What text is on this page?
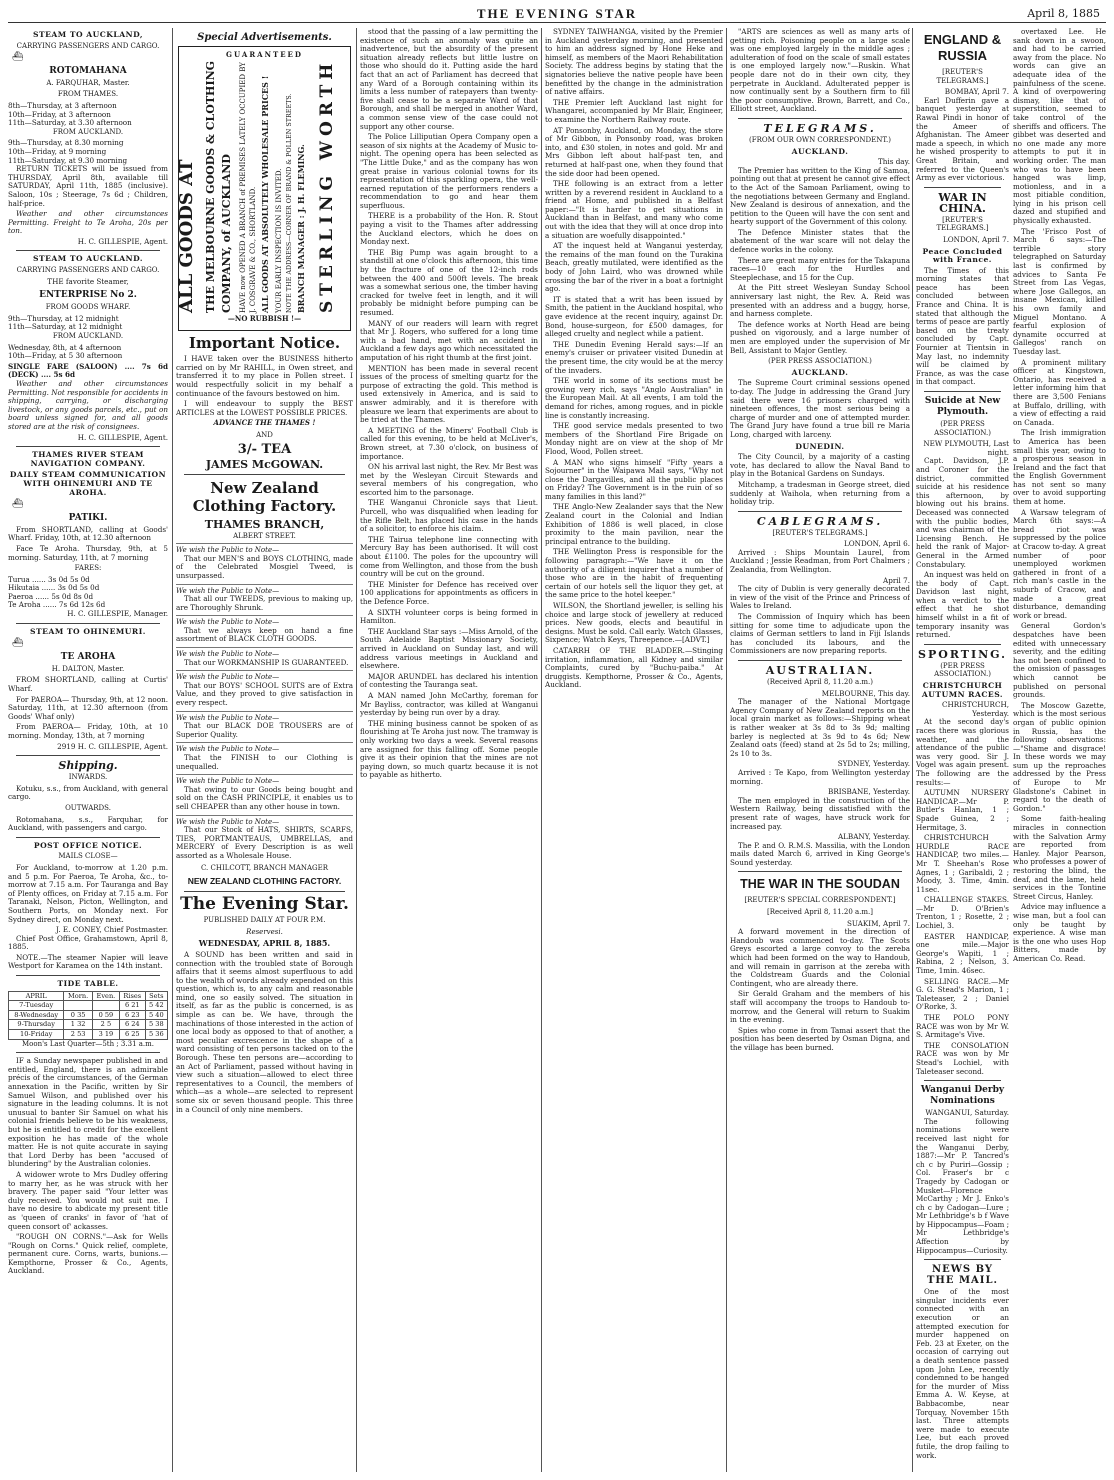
THE EVENING STAR	April 8, 1885
STEAM TO AUCKLAND,
CARRYING PASSENGERS AND CARGO.
⛴
ROTOMAHANA
A. FARQUHAR, Master.
FROM THAMES.
8th—Thursday, at 3 afternoon
10th—Friday, at 3 afternoon
11th—Saturday, at 3.30 afternoon
FROM AUCKLAND.
9th—Thursday, at 8.30 morning
10th—Friday, at 9 morning
11th—Saturday, at 9.30 morning

RETURN TICKETS will be issued from THURSDAY, April 8th, available till SATURDAY, April 11th, 1885 (inclusive). Saloon, 10s ; Steerage, 7s 6d ; Children, half-price.

Weather and other circumstances Permitting. Freight to Te Aroha, 20s per ton.

H. C. GILLESPIE, Agent.
STEAM TO AUCKLAND.
CARRYING PASSENGERS AND CARGO.
THE favorite Steamer,
ENTERPRISE No 2.
FROM GOODS WHARF.
9th—Thursday, at 12 midnight
11th—Saturday, at 12 midnight
FROM AUCKLAND.
Wednesday, 8th, at 4 afternoon
10th—Friday, at 5 30 afternoon
SINGLE FARE (SALOON) .... 7s 6d (DECK) .... 5s 6d

Weather and other circumstances Permitting. Not responsible for accidents in shipping, carrying, or discharging livestock, or any goods parcels, etc., put on board unless signed for, and all goods stored are at the risk of consignees.

H. C. GILLESPIE, Agent.
THAMES RIVER STEAM NAVIGATION COMPANY.
DAILY STEAM COMMUNICATION WITH OHINEMURI AND TE AROHA.
⛴
PATIKI.

From SHORTLAND, calling at Goods' Wharf. Friday, 10th, at 12.30 afternoon

Face Te Aroha. Thursday, 9th, at 5 morning. Saturday, 11th, at 7 morning

FARES:
Turua ...... 3s 0d 5s 0d
Hikutaia ...... 3s 0d 5s 0d
Paeroa ...... 5s 0d 8s 0d
Te Aroha ...... 7s 6d 12s 6d
H. C. GILLESPIE, Manager.
STEAM TO OHINEMURI.
⛴
TE AROHA
H. DALTON, Master.

FROM SHORTLAND, calling at Curtis' Wharf.

For PAEROA— Thursday, 9th, at 12 noon. Saturday, 11th, at 12.30 afternoon (from Goods' Whaf only)

From PAEROA— Friday, 10th, at 10 morning. Monday, 13th, at 7 morning

2919 H. C. GILLESPIE, Agent.
Shipping.
INWARDS.

Kotuku, s.s., from Auckland, with general cargo.

OUTWARDS.

Rotomahana, s.s., Farquhar, for Auckland, with passengers and cargo.

POST OFFICE NOTICE.
MAILS CLOSE—

For Auckland, to-morrow at 1.20 p.m. and 5 p.m. For Paeroa, Te Aroha, &c., to-morrow at 7.15 a.m. For Tauranga and Bay of Plenty offices, on Friday at 7.15 a.m. For Taranaki, Nelson, Picton, Wellington, and Southern Ports, on Monday next. For Sydney direct, on Monday next.

J. E. CONEY, Chief Postmaster.

Chief Post Office, Grahamstown, April 8, 1885.

NOTE.—The steamer Napier will leave Westport for Karamea on the 14th instant.

TIDE TABLE.
APRIL	Morn.	Even.	Rises	Sets
7-Tuesday			6 21	5 42
8-Wednesday	0 35	0 59	6 23	5 40
9-Thursday	1 32	2 5	6 24	5 38
10-Friday	2 53	3 19	6 25	5 36
Moon's Last Quarter—5th ; 3.31 a.m.

IF a Sunday newspaper published in and entitled, England, there is an admirable précis of the circumstances, of the German annexation in the Pacific, written by Sir Samuel Wilson, and published over his signature in the leading columns. It is not unusual to banter Sir Samuel on what his colonial friends believe to be his weakness, but he is entitled to credit for the excellent exposition he has made of the whole matter. He is not quite accurate in saying that Lord Derby has been "accused of blundering" by the Australian colonies.

A widower wrote to Mrs Dudley offering to marry her, as he was struck with her bravery. The paper said "Your letter was duly received. You would not suit me. I have no desire to abdicate my present title as 'queen of cranks' in favor of 'hat of queen consort of' ackasses.

"ROUGH ON CORNS."—Ask for Wells "Rough on Corns." Quick relief, complete, permanent cure. Corns, warts, bunions.—Kempthorne, Prosser & Co., Agents, Auckland.

Special Advertisements.
GUARANTEED
ALL GOODS AT THE MELBOURNE GOODS & CLOTHING COMPANY, of AUCKLAND HAVE now OPENED A BRANCH of PREMISES LATELY OCCUPIED BY J. COSGRAVE & CO., SHORTLAND. ALL GOODS AT ABSOLUTELY WHOLESALE PRICES ! YOUR EARLY INSPECTION IS INVITED. NOTE THE ADDRESS—CORNER OF BRAND & POLLEN STREETS. BRANCH MANAGER : J. H. FLEMING. STERLING WORTH
—NO RUBBISH !—
Important Notice.

I HAVE taken over the BUSINESS hitherto carried on by Mr RAHILL, in Owen street, and transferred it to my place in Pollen street. I would respectfully solicit in my behalf a continuance of the favours bestowed on him.

I will endeavour to supply the BEST ARTICLES at the LOWEST POSSIBLE PRICES.

ADVANCE THE THAMES !
AND
3/- TEA
JAMES McGOWAN.
New Zealand Clothing Factory.
THAMES BRANCH,
ALBERT STREET.
We wish the Public to Note—

That our MEN'S and BOYS CLOTHING, made of the Celebrated Mosgiel Tweed, is unsurpassed.

We wish the Public to Note—

That all our TWEEDS, previous to making up, are Thoroughly Shrunk.

We wish the Public to Note—

That we always keep on hand a fine assortment of BLACK CLOTH GOODS.

We wish the Public to Note—

That our WORKMANSHIP IS GUARANTEED.

We wish the Public to Note—

That our BOYS' SCHOOL SUITS are of Extra Value, and they proved to give satisfaction in every respect.

We wish the Public to Note—

That our BLACK DOE TROUSERS are of Superior Quality.

We wish the Public to Note—

That the FINISH to our Clothing is unequalled.

We wish the Public to Note—

That owing to our Goods being bought and sold on the CASH PRINCIPLE, it enables us to sell CHEAPER than any other house in town.

We wish the Public to Note—

That our Stock of HATS, SHIRTS, SCARFS, TIES, PORTMANTEAUS, UMBRELLAS, and MERCERY of Every Description is as well assorted as a Wholesale House.

C. CHILCOTT, BRANCH MANAGER
NEW ZEALAND CLOTHING FACTORY.
The Evening Star.
PUBLISHED DAILY AT FOUR P.M.
Reservesi.
WEDNESDAY, APRIL 8, 1885.

A SOUND has been written and said in connection with the troubled state of Borough affairs that it seems almost superfluous to add to the wealth of words already expended on this question, which is, to any calm and reasonable mind, one so easily solved. The situation in itself, as far as the public is concerned, is as simple as can be. We have, through the machinations of those interested in the action of one local body as opposed to that of another, a most peculiar excrescence in the shape of a ward consisting of ten persons tacked on to the Borough. These ten persons are—according to an Act of Parliament, passed without having in view such a situation—allowed to elect three representatives to a Council, the members of which—as a whole—are selected to represent some six or seven thousand people. This three in a Council of only nine members.

stood that the passing of a law permitting the existence of such an anomaly was quite an inadvertence, but the absurdity of the present situation already reflects but little lustre on those who should do it. Putting aside the hard fact that an act of Parliament has decreed that any Ward of a Borough containing within its limits a less number of ratepayers than twenty-five shall cease to be a separate Ward of that Borough, and shall be merged in another Ward, a common sense view of the case could not support any other course.

The Police Lilliputian Opera Company open a season of six nights at the Academy of Music to-night. The opening opera has been selected as "The Little Duke," and as the company has won great praise in various colonial towns for its representation of this sparkling opera, the well-earned reputation of the performers renders a recommendation to go and hear them superfluous.

THERE is a probability of the Hon. R. Stout paying a visit to the Thames after addressing the Auckland electors, which he does on Monday next.

THE Big Pump was again brought to a standstill at one o'clock this afternoon, this time by the fracture of one of the 12-inch rods between the 400 and 500ft levels. The break was a somewhat serious one, the timber having cracked for twelve feet in length, and it will probably be midnight before pumping can be resumed.

MANY of our readers will learn with regret that Mr J. Rogers, who suffered for a long time with a bad hand, met with an accident in Auckland a few days ago which necessitated the amputation of his right thumb at the first joint.

MENTION has been made in several recent issues of the process of smelting quartz for the purpose of extracting the gold. This method is used extensively in America, and is said to answer admirably, and it is therefore with pleasure we learn that experiments are about to be tried at the Thames.

A MEETING of the Miners' Football Club is called for this evening, to be held at McLiver's, Brown street, at 7.30 o'clock, on business of importance.

ON his arrival last night, the Rev. Mr Best was met by the Wesleyan Circuit Stewards and several members of his congregation, who escorted him to the parsonage.

THE Wanganui Chronicle says that Lieut. Purcell, who was disqualified when leading for the Rifle Belt, has placed his case in the hands of a solicitor, to enforce his claim.

THE Tairua telephone line connecting with Mercury Bay has been authorised. It will cost about £1100. The poles for the upcountry will come from Wellington, and those from the bush country will be cut on the ground.

THE Minister for Defence has received over 100 applications for appointments as officers in the Defence Force.

A SIXTH volunteer corps is being formed in Hamilton.

THE Auckland Star says :—Miss Arnold, of the South Adelaide Baptist Missionary Society, arrived in Auckland on Sunday last, and will address various meetings in Auckland and elsewhere.

MAJOR ARUNDEL has declared his intention of contesting the Tauranga seat.

A MAN named John McCarthy, foreman for Mr Bayliss, contractor, was killed at Wanganui yesterday by being run over by a dray.

THE mining business cannot be spoken of as flourishing at Te Aroha just now. The tramway is only working two days a week. Several reasons are assigned for this falling off. Some people give it as their opinion that the mines are not paying down, so much quartz because it is not to payable as hitherto.

SYDNEY TAIWHANGA, visited by the Premier in Auckland yesterday morning, and presented to him an address signed by Hone Heke and himself, as members of the Maori Rehabilitation Society. The address begins by stating that the signatories believe the native people have been benefitted by the change in the administration of native affairs.

THE Premier left Auckland last night for Whangarei, accompanied by Mr Blair, Engineer, to examine the Northern Railway route.

AT Ponsonby, Auckland, on Monday, the store of Mr Gibbon, in Ponsonby road, was broken into, and £30 stolen, in notes and gold. Mr and Mrs Gibbon left about half-past ten, and returned at half-past one, when they found that the side door had been opened.

THE following is an extract from a letter written by a reverend resident in Auckland to a friend at Home, and published in a Belfast paper:—"It is harder to get situations in Auckland than in Belfast, and many who come out with the idea that they will at once drop into a situation are woefully disappointed."

AT the inquest held at Wanganui yesterday, the remains of the man found on the Turakina Beach, greatly mutilated, were identified as the body of John Laird, who was drowned while crossing the bar of the river in a boat a fortnight ago.

IT is stated that a writ has been issued by Smith, the patient in the Auckland hospital, who gave evidence at the recent inquiry, against Dr. Bond, house-surgeon, for £500 damages, for alleged cruelty and neglect while a patient.

THE Dunedin Evening Herald says:—If an enemy's cruiser or privateer visited Dunedin at the present time, the city would be at the mercy of the invaders.

THE world in some of its sections must be growing very rich, says "Anglo Australian" in the European Mail. At all events, I am told the demand for riches, among rogues, and in pickle line is constantly increasing.

THE good service medals presented to two members of the Shortland Fire Brigade on Monday night are on view at the shop of Mr Flood, Wood, Pollen street.

A MAN who signs himself "Fifty years a Sojourner" in the Waipawa Mail says, "Why not close the Dargavilles, and all the public places on Friday? The Government is in the ruin of so many families in this land?"

THE Anglo-New Zealander says that the New Zealand court in the Colonial and Indian Exhibition of 1886 is well placed, in close proximity to the main pavilion, near the principal entrance to the building.

THE Wellington Press is responsible for the following paragraph:—"We have it on the authority of a diligent inquirer that a number of those who are in the habit of frequenting certain of our hotels sell the liquor they get, at the same price to the hotel keeper."

WILSON, the Shortland jeweller, is selling his choice and large stock of jewellery at reduced prices. New goods, elects and beautiful in designs. Must be sold. Call early. Watch Glasses, Sixpence; Watch Keys, Threepence.—[ADVT.]

CATARRH OF THE BLADDER.—Stinging irritation, inflammation, all Kidney and similar Complaints, cured by "Buchu-paiba." At druggists. Kempthorne, Prosser & Co., Agents, Auckland.

"ARTS are sciences as well as many arts of getting rich. Poisoning people on a large scale was one employed largely in the middle ages ; adulteration of food on the scale of small estates is one employed largely now."—Ruskin. What people dare not do in their own city, they perpetrate in Auckland. Adulterated pepper is now continually sent by a Southern firm to fill the poor consumptive. Brown, Barrett, and Co., Elliott street, Auckland.

TELEGRAMS.
(FROM OUR OWN CORRESPONDENT.)
AUCKLAND.
This day.

The Premier has written to the King of Samoa, pointing out that at present he cannot give effect to the Act of the Samoan Parliament, owing to the negotiations between Germany and England. New Zealand is desirous of annexation, and the petition to the Queen will have the con sent and hearty support of the Government of this colony.

The Defence Minister states that the abatement of the war scare will not delay the defence works in the colony.

There are great many entries for the Takapuna races—10 each for the Hurdles and Steeplechase, and 15 for the Cup.

At the Pitt street Wesleyan Sunday School anniversary last night, the Rev. A. Reid was presented with an address and a buggy, horse, and harness complete.

The defence works at North Head are being pushed on vigorously, and a large number of men are employed under the supervision of Mr Bell, Assistant to Major Gentley.

(PER PRESS ASSOCIATION.)
AUCKLAND.

The Supreme Court criminal sessions opened to-day. The Judge in addressing the Grand Jury said there were 16 prisoners charged with nineteen offences, the most serious being a charge of murder and one of attempted murder. The Grand Jury have found a true bill re Maria Long, charged with larceny.

DUNEDIN.

The City Council, by a majority of a casting vote, has declared to allow the Naval Band to play in the Botanical Gardens on Sundays.

Mitchamp, a tradesman in George street, died suddenly at Waihola, when returning from a holiday trip.

CABLEGRAMS.
[REUTER'S TELEGRAMS.]
LONDON, April 6.

Arrived : Ships Mountain Laurel, from Auckland ; Jessie Readman, from Port Chalmers ; Zealandia, from Wellington.

April 7.

The city of Dublin is very generally decorated in view of the visit of the Prince and Princess of Wales to Ireland.

The Commission of Inquiry which has been sitting for some time to adjudicate upon the claims of German settlers to land in Fiji Islands has concluded its labours, and the Commissioners are now preparing reports.

AUSTRALIAN.
(Received April 8, 11.20 a.m.)
MELBOURNE, This day.

The manager of the National Mortgage Agency Company of New Zealand reports on the local grain market as follows:—Shipping wheat is rather weaker at 3s 8d to 3s 9d; malting barley is neglected at 3s 9d to 4s 6d; New Zealand oats (feed) stand at 2s 5d to 2s; milling, 2s 10 to 3s.

SYDNEY, Yesterday.

Arrived : Te Kapo, from Wellington yesterday morning.

BRISBANE, Yesterday.

The men employed in the construction of the Western Railway, being dissatisfied with the present rate of wages, have struck work for increased pay.

ALBANY, Yesterday.

The P. and O. R.M.S. Massilia, with the London mails dated March 6, arrived in King George's Sound yesterday.

THE WAR IN THE SOUDAN
[REUTER'S SPECIAL CORRESPONDENT.]
[Received April 8, 11.20 a.m.]
SUAKIM, April 7.

A forward movement in the direction of Handoub was commenced to-day. The Scots Greys escorted a large convoy to the zereba which had been formed on the way to Handoub, and will remain in garrison at the zereba with the Coldstream Guards and the Colonial Contingent, who are already there.

Sir Gerald Graham and the members of his staff will accompany the troops to Handoub to-morrow, and the General will return to Suakim in the evening.

Spies who come in from Tamai assert that the position has been deserted by Osman Digna, and the village has been burned.

ENGLAND & RUSSIA
[REUTER'S TELEGRAMS.]
BOMBAY, April 7.

Earl Dufferin gave a banquet yesterday at Rawal Pindi in honor of the Ameer of Afghanistan. The Ameer made a speech, in which he wished prosperity to Great Britain, and referred to the Queen's Army as ever victorious.

WAR IN CHINA.
[REUTER'S TELEGRAMS.]
LONDON, April 7.
Peace Concluded with France.

The Times of this morning states that peace has been concluded between France and China. It is stated that although the terms of peace are partly based on the treaty concluded by Capt. Fournier at Tientsin in May last, no indemnity will be claimed by France, as was the case in that compact.

Suicide at New Plymouth.
(PER PRESS ASSOCIATION.)
NEW PLYMOUTH, Last night.

Capt. Davidson, J.P. and Coroner for the district, committed suicide at his residence this afternoon, by blowing out his brains. Deceased was connected with the public bodies, and was chairman of the Licensing Bench. He held the rank of Major-General in the Armed Constabulary.

An inquest was held on the body of Capt. Davidson last night, when a verdict to the effect that he shot himself whilst in a fit of temporary insanity was returned.

SPORTING.
(PER PRESS ASSOCIATION.)
CHRISTCHURCH AUTUMN RACES.
CHRISTCHURCH, Yesterday.

At the second day's races there was glorious weather, and the attendance of the public was very good. Sir J. Vogel was again present. The following are the results:—

AUTUMN NURSERY HANDICAP.—Mr P. Butler's Hanlan, 1 ; Spade Guinea, 2 ; Hermitage, 3.

CHRISTCHURCH HURDLE RACE HANDICAP, two miles.—Mr T. Sheehan's Rose Agnes, 1 ; Garibaldi, 2 ; Moody, 3. Time, 4min. 11sec.

CHALLENGE STAKES.—Mr D. O'Brien's Trenton, 1 ; Rosette, 2 ; Lochiel, 3.

EASTER HANDICAP, one mile.—Major George's Wapiti, 1 ; Rabina, 2 ; Nelson, 3. Time, 1min. 46sec.

SELLING RACE.—Mr G. G. Stead's Marion, 1 ; Taleteaser, 2 ; Daniel O'Rorke, 3.

THE POLO PONY RACE was won by Mr W. S. Armitage's Vive.

THE CONSOLATION RACE was won by Mr Stead's Lochiel, with Taleteaser second.

Wanganui Derby Nominations
WANGANUI, Saturday.

The following nominations were received last night for the Wanganui Derby, 1887:—Mr P. Tancred's ch c by Puriri—Gossip ; Col. Fraser's br c Tragedy by Cadogan or Musket—Florence McCarthy ; Mr J. Enko's ch c by Cadogan—Lure ; Mr Lethbridge's b f Wave by Hippocampus—Foam ; Mr Lethbridge's Affection by Hippocampus—Curiosity.

NEWS BY THE MAIL.

One of the most singular incidents ever connected with an execution or an attempted execution for murder happened on Feb. 23 at Exeter, on the occasion of carrying out a death sentence passed upon John Lee, recently condemned to be hanged for the murder of Miss Emma A. W. Keyse, at Babbacombe, near Torquay, November 15th last. Three attempts were made to execute Lee, but each proved futile, the drop failing to work.

overtaxed Lee. He sank down in a swoon, and had to be carried away from the place. No words can give an adequate idea of the painfulness of the scene. A kind of overpowering dismay, like that of superstition, seemed to take control of the sheriffs and officers. The gibbet was deserted and no one made any more attempts to put it in working order. The man who was to have been hanged was limp, motionless, and in a most pitiable condition, lying in his prison cell dazed and stupified and physically exhausted.

The 'Frisco Post of March 6 says:—The terrible story telegraphed on Saturday last is confirmed by advices to Santa Fe Street from Las Vegas, where Jose Gallegos, an insane Mexican, killed his own family and Miguel Montano. A fearful explosion of dynamite occurred at Gallegos' ranch on Tuesday last.

A prominent military officer at Kingstown, Ontario, has received a letter informing him that there are 3,500 Fenians at Buffalo, drilling, with a view of effecting a raid on Canada.

The Irish immigration to America has been small this year, owing to a prosperous season in Ireland and the fact that the English Government has not sent so many over to avoid supporting them at home.

A Warsaw telegram of March 6th says:—A bread riot was suppressed by the police at Cracow to-day. A great number of poor unemployed workmen gathered in front of a rich man's castle in the suburb of Cracow, and made a great disturbance, demanding work or bread.

General Gordon's despatches have been edited with unnecessary severity, and the editing has not been confined to the omission of passages which cannot be published on personal grounds.

The Moscow Gazette, which is the most serious organ of public opinion in Russia, has the following observations:—"Shame and disgrace! In these words we may sum up the reproaches addressed by the Press of Europe to Mr Gladstone's Cabinet in regard to the death of Gordon."

Some faith-healing miracles in connection with the Salvation Army are reported from Hanley. Major Pearson, who professes a power of restoring the blind, the deaf, and the lame, held services in the Tontine Street Circus, Hanley.

Advice may influence a wise man, but a fool can only be taught by experience. A wise man is the one who uses Hop Bitters, made by American Co. Read.
